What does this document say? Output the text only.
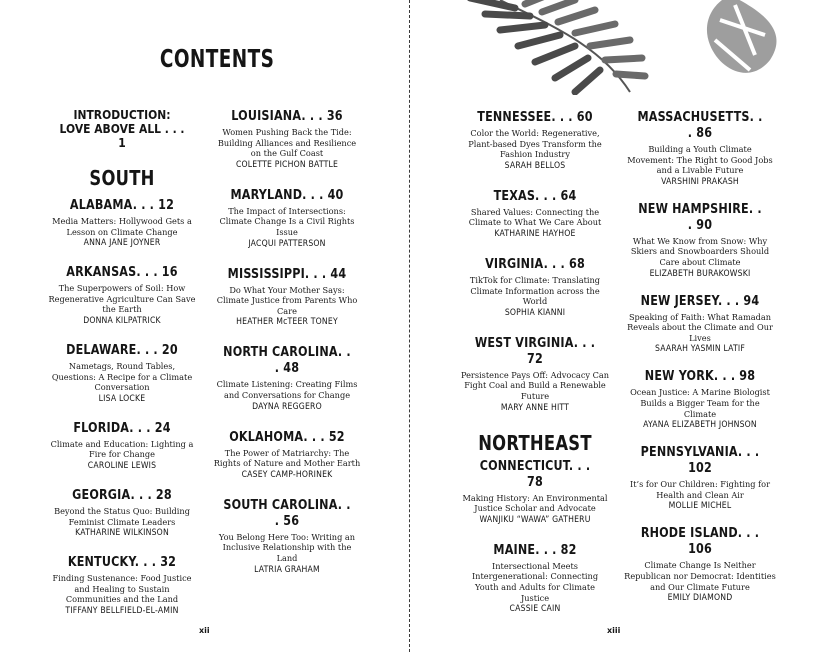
CONTENTS
INTRODUCTION:
LOVE ABOVE ALL . . . 1
SOUTH
ALABAMA. . . 12
Media Matters: Hollywood Gets a Lesson on Climate Change
ANNA JANE JOYNER
ARKANSAS. . . 16
The Superpowers of Soil: How Regenerative Agriculture Can Save the Earth
DONNA KILPATRICK
DELAWARE. . . 20
Nametags, Round Tables, Questions: A Recipe for a Climate Conversation
LISA LOCKE
FLORIDA. . . 24
Climate and Education: Lighting a Fire for Change
CAROLINE LEWIS
GEORGIA. . . 28
Beyond the Status Quo: Building Feminist Climate Leaders
KATHARINE WILKINSON
KENTUCKY. . . 32
Finding Sustenance: Food Justice and Healing to Sustain Communities and the Land
TIFFANY BELLFIELD-EL-AMIN
LOUISIANA. . . 36
Women Pushing Back the Tide: Building Alliances and Resilience on the Gulf Coast
COLETTE PICHON BATTLE
MARYLAND. . . 40
The Impact of Intersections: Climate Change Is a Civil Rights Issue
JACQUI PATTERSON
MISSISSIPPI. . . 44
Do What Your Mother Says: Climate Justice from Parents Who Care
HEATHER McTEER TONEY
NORTH CAROLINA. . . 48
Climate Listening: Creating Films and Conversations for Change
DAYNA REGGERO
OKLAHOMA. . . 52
The Power of Matriarchy: The Rights of Nature and Mother Earth
CASEY CAMP-HORINEK
SOUTH CAROLINA. . . 56
You Belong Here Too: Writing an Inclusive Relationship with the Land
LATRIA GRAHAM
TENNESSEE. . . 60
Color the World: Regenerative, Plant-based Dyes Transform the Fashion Industry
SARAH BELLOS
TEXAS. . . 64
Shared Values: Connecting the Climate to What We Care About
KATHARINE HAYHOE
VIRGINIA. . . 68
TikTok for Climate: Translating Climate Information across the World
SOPHIA KIANNI
WEST VIRGINIA. . . 72
Persistence Pays Off: Advocacy Can Fight Coal and Build a Renewable Future
MARY ANNE HITT
NORTHEAST
CONNECTICUT. . . 78
Making History: An Environmental Justice Scholar and Advocate
WANJIKU “WAWA” GATHERU
MAINE. . . 82
Intersectional Meets Intergenerational: Connecting Youth and Adults for Climate Justice
CASSIE CAIN
MASSACHUSETTS. . . 86
Building a Youth Climate Movement: The Right to Good Jobs and a Livable Future
VARSHINI PRAKASH
NEW HAMPSHIRE. . . 90
What We Know from Snow: Why Skiers and Snowboarders Should Care about Climate
ELIZABETH BURAKOWSKI
NEW JERSEY. . . 94
Speaking of Faith: What Ramadan Reveals about the Climate and Our Lives
SAARAH YASMIN LATIF
NEW YORK. . . 98
Ocean Justice: A Marine Biologist Builds a Bigger Team for the Climate
AYANA ELIZABETH JOHNSON
PENNSYLVANIA. . . 102
It’s for Our Children: Fighting for Health and Clean Air
MOLLIE MICHEL
RHODE ISLAND. . . 106
Climate Change Is Neither Republican nor Democrat: Identities and Our Climate Future
EMILY DIAMOND
xii	xiii
